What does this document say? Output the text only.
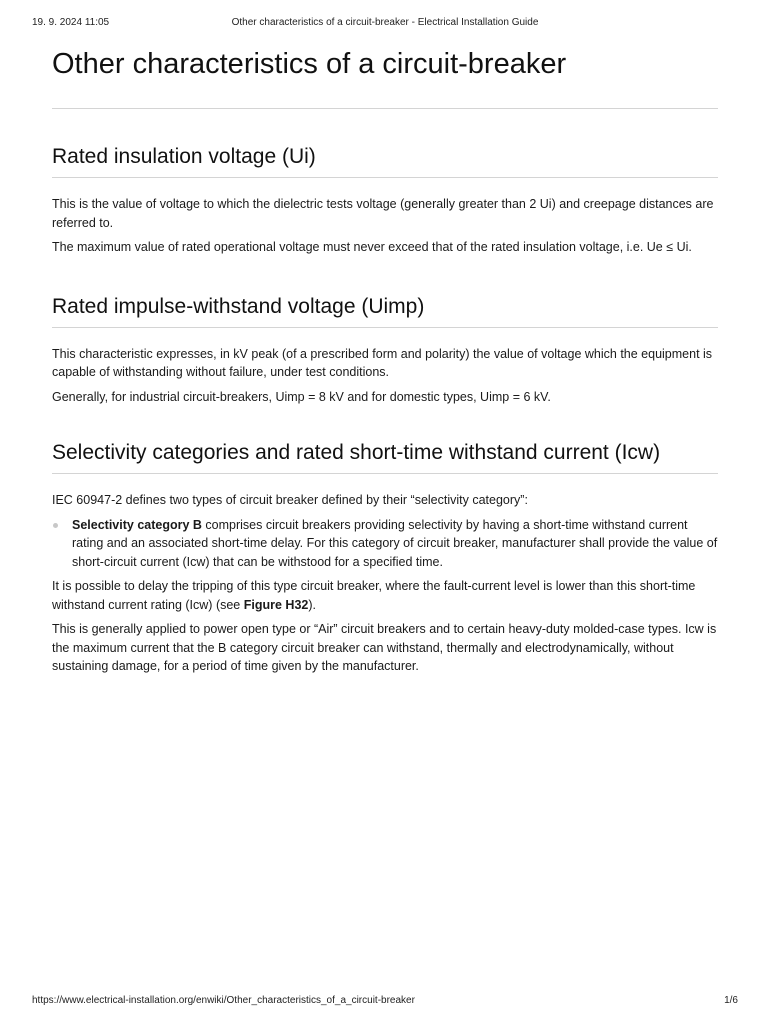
19. 9. 2024 11:05	Other characteristics of a circuit-breaker - Electrical Installation Guide
Other characteristics of a circuit-breaker
Rated insulation voltage (Ui)

This is the value of voltage to which the dielectric tests voltage (generally greater than 2 Ui) and creepage distances are referred to.

The maximum value of rated operational voltage must never exceed that of the rated insulation voltage, i.e. Ue ≤ Ui.

Rated impulse-withstand voltage (Uimp)

This characteristic expresses, in kV peak (of a prescribed form and polarity) the value of voltage which the equipment is capable of withstanding without failure, under test conditions.

Generally, for industrial circuit-breakers, Uimp = 8 kV and for domestic types, Uimp = 6 kV.

Selectivity categories and rated short-time withstand current (Icw)

IEC 60947-2 defines two types of circuit breaker defined by their “selectivity category”:

Selectivity category B comprises circuit breakers providing selectivity by having a short-time withstand current rating and an associated short-time delay. For this category of circuit breaker, manufacturer shall provide the value of short-circuit current (Icw) that can be withstood for a specified time.

It is possible to delay the tripping of this type circuit breaker, where the fault-current level is lower than this short-time withstand current rating (Icw) (see Figure H32).

This is generally applied to power open type or “Air” circuit breakers and to certain heavy-duty molded-case types. Icw is the maximum current that the B category circuit breaker can withstand, thermally and electrodynamically, without sustaining damage, for a period of time given by the manufacturer.

https://www.electrical-installation.org/enwiki/Other_characteristics_of_a_circuit-breaker	1/6
